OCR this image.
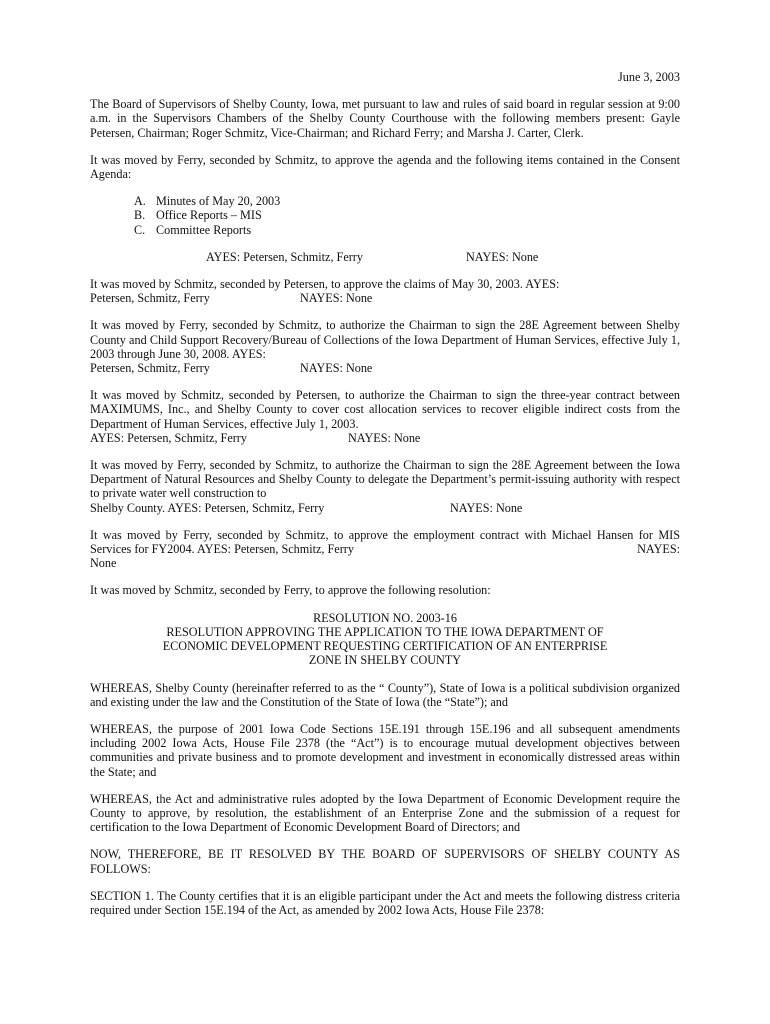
June 3, 2003

The Board of Supervisors of Shelby County, Iowa, met pursuant to law and rules of said board in regular session at 9:00 a.m. in the Supervisors Chambers of the Shelby County Courthouse with the following members present: Gayle Petersen, Chairman; Roger Schmitz, Vice-Chairman; and Richard Ferry; and Marsha J. Carter, Clerk.

It was moved by Ferry, seconded by Schmitz, to approve the agenda and the following items contained in the Consent Agenda:

A. Minutes of May 20, 2003
B. Office Reports – MIS
C. Committee Reports
AYES: Petersen, Schmitz, Ferry	NAYES: None

It was moved by Schmitz, seconded by Petersen, to approve the claims of May 30, 2003. AYES:
Petersen, Schmitz, Ferry	NAYES: None

It was moved by Ferry, seconded by Schmitz, to authorize the Chairman to sign the 28E Agreement between Shelby County and Child Support Recovery/Bureau of Collections of the Iowa Department of Human Services, effective July 1, 2003 through June 30, 2008. AYES:
Petersen, Schmitz, Ferry	NAYES: None

It was moved by Schmitz, seconded by Petersen, to authorize the Chairman to sign the three-year contract between MAXIMUMS, Inc., and Shelby County to cover cost allocation services to recover eligible indirect costs from the Department of Human Services, effective July 1, 2003.
AYES: Petersen, Schmitz, Ferry	NAYES: None

It was moved by Ferry, seconded by Schmitz, to authorize the Chairman to sign the 28E Agreement between the Iowa Department of Natural Resources and Shelby County to delegate the Department’s permit-issuing authority with respect to private water well construction to
Shelby County. AYES: Petersen, Schmitz, Ferry	NAYES: None

It was moved by Ferry, seconded by Schmitz, to approve the employment contract with Michael Hansen for MIS Services for FY2004. AYES: Petersen, Schmitz, Ferry	NAYES:

None

It was moved by Schmitz, seconded by Ferry, to approve the following resolution:

RESOLUTION NO. 2003-16
RESOLUTION APPROVING THE APPLICATION TO THE IOWA DEPARTMENT OF
ECONOMIC DEVELOPMENT REQUESTING CERTIFICATION OF AN ENTERPRISE
ZONE IN SHELBY COUNTY

WHEREAS, Shelby County (hereinafter referred to as the “ County”), State of Iowa is a political subdivision organized and existing under the law and the Constitution of the State of Iowa (the “State”); and

WHEREAS, the purpose of 2001 Iowa Code Sections 15E.191 through 15E.196 and all subsequent amendments including 2002 Iowa Acts, House File 2378 (the “Act”) is to encourage mutual development objectives between communities and private business and to promote development and investment in economically distressed areas within the State; and

WHEREAS, the Act and administrative rules adopted by the Iowa Department of Economic Development require the County to approve, by resolution, the establishment of an Enterprise Zone and the submission of a request for certification to the Iowa Department of Economic Development Board of Directors; and

NOW, THEREFORE, BE IT RESOLVED BY THE BOARD OF SUPERVISORS OF SHELBY COUNTY AS FOLLOWS:

SECTION 1. The County certifies that it is an eligible participant under the Act and meets the following distress criteria required under Section 15E.194 of the Act, as amended by 2002 Iowa Acts, House File 2378:
